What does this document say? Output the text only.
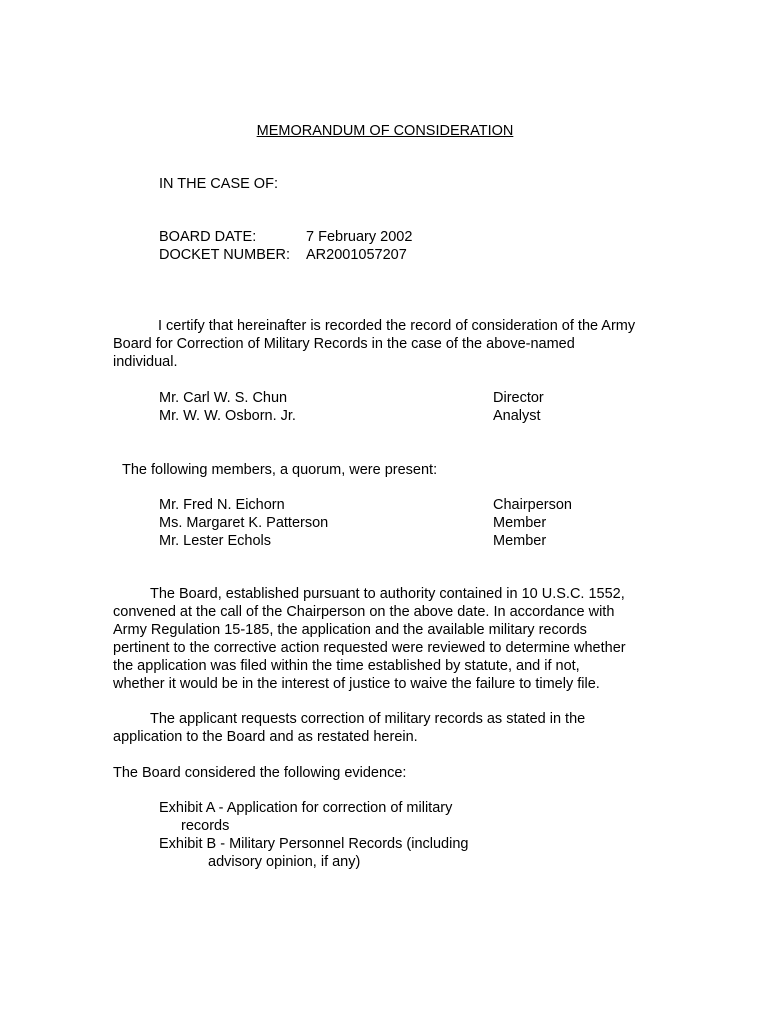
MEMORANDUM OF CONSIDERATION
IN THE CASE OF:
BOARD DATE:	7 February 2002
DOCKET NUMBER: AR2001057207
I certify that hereinafter is recorded the record of consideration of the Army
Board for Correction of Military Records in the case of the above-named
individual.
Mr. Carl W. S. Chun	Director
Mr. W. W. Osborn. Jr.	Analyst
The following members, a quorum, were present:
Mr. Fred N. Eichorn	Chairperson
Ms. Margaret K. Patterson	Member
Mr. Lester Echols	Member
The Board, established pursuant to authority contained in 10 U.S.C. 1552,
convened at the call of the Chairperson on the above date. In accordance with
Army Regulation 15-185, the application and the available military records
pertinent to the corrective action requested were reviewed to determine whether
the application was filed within the time established by statute, and if not,
whether it would be in the interest of justice to waive the failure to timely file.
The applicant requests correction of military records as stated in the
application to the Board and as restated herein.
The Board considered the following evidence:
Exhibit A - Application for correction of military
records
Exhibit B - Military Personnel Records (including
advisory opinion, if any)
